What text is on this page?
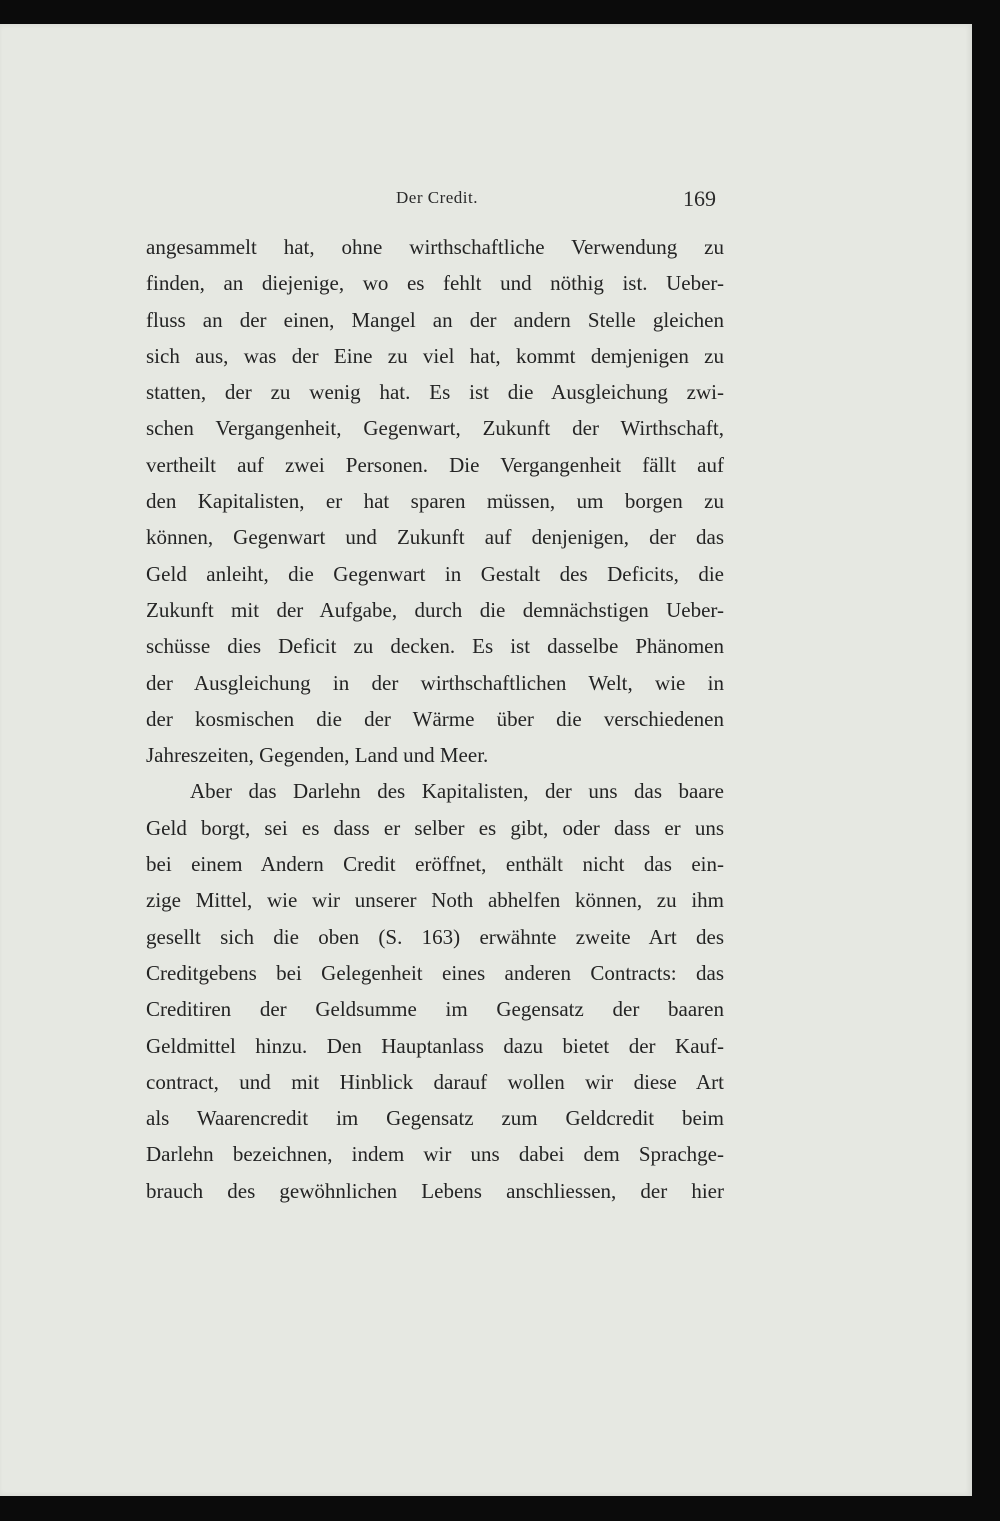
Der Credit.	169
angesammelt hat, ohne wirthschaftliche Verwendung zu
finden, an diejenige, wo es fehlt und nöthig ist. Ueber-
fluss an der einen, Mangel an der andern Stelle gleichen
sich aus, was der Eine zu viel hat, kommt demjenigen zu
statten, der zu wenig hat. Es ist die Ausgleichung zwi-
schen Vergangenheit, Gegenwart, Zukunft der Wirthschaft,
vertheilt auf zwei Personen. Die Vergangenheit fällt auf
den Kapitalisten, er hat sparen müssen, um borgen zu
können, Gegenwart und Zukunft auf denjenigen, der das
Geld anleiht, die Gegenwart in Gestalt des Deficits, die
Zukunft mit der Aufgabe, durch die demnächstigen Ueber-
schüsse dies Deficit zu decken. Es ist dasselbe Phänomen
der Ausgleichung in der wirthschaftlichen Welt, wie in
der kosmischen die der Wärme über die verschiedenen
Jahreszeiten, Gegenden, Land und Meer.
Aber das Darlehn des Kapitalisten, der uns das baare
Geld borgt, sei es dass er selber es gibt, oder dass er uns
bei einem Andern Credit eröffnet, enthält nicht das ein-
zige Mittel, wie wir unserer Noth abhelfen können, zu ihm
gesellt sich die oben (S. 163) erwähnte zweite Art des
Creditgebens bei Gelegenheit eines anderen Contracts: das
Creditiren der Geldsumme im Gegensatz der baaren
Geldmittel hinzu. Den Hauptanlass dazu bietet der Kauf-
contract, und mit Hinblick darauf wollen wir diese Art
als Waarencredit im Gegensatz zum Geldcredit beim
Darlehn bezeichnen, indem wir uns dabei dem Sprachge-
brauch des gewöhnlichen Lebens anschliessen, der hier
